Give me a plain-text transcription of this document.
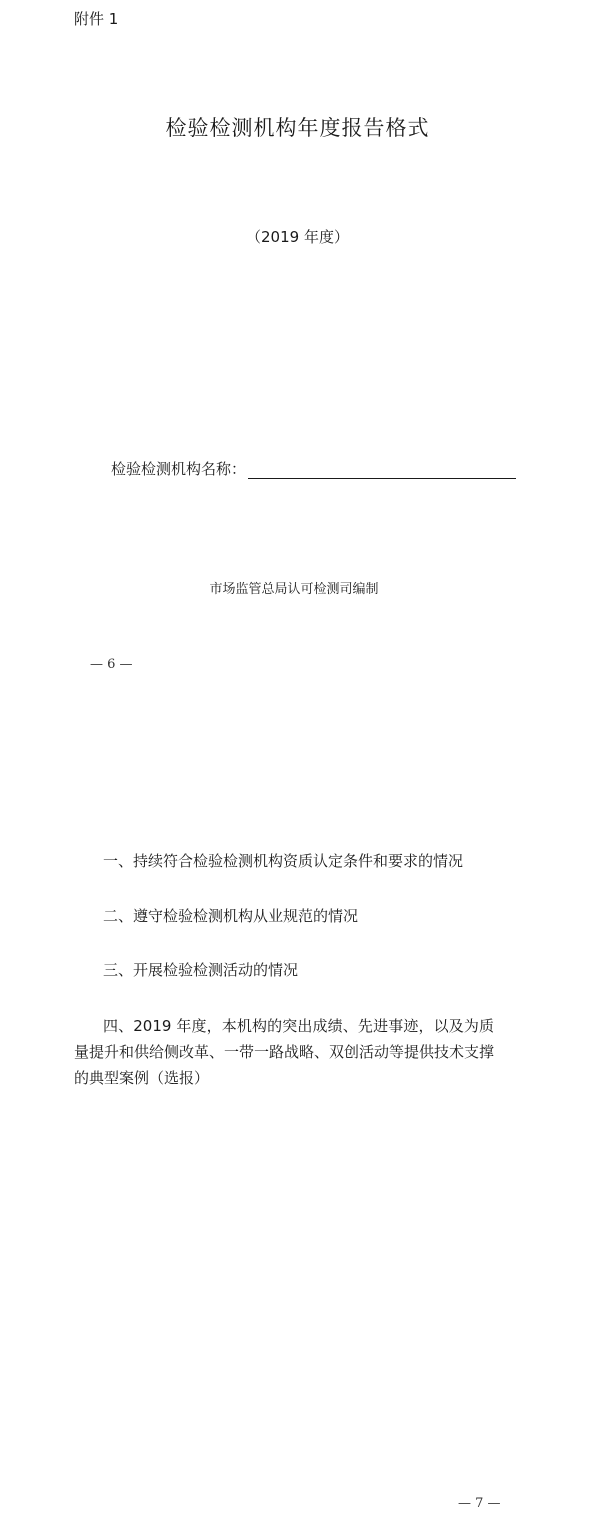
附件 1
检验检测机构年度报告格式
（2019 年度）
检验检测机构名称：
市场监管总局认可检测司编制
— 6 —
一、持续符合检验检测机构资质认定条件和要求的情况
二、遵守检验检测机构从业规范的情况
三、开展检验检测活动的情况
四、2019 年度，本机构的突出成绩、先进事迹，以及为质量提升和供给侧改革、一带一路战略、双创活动等提供技术支撑的典型案例（选报）
— 7 —
